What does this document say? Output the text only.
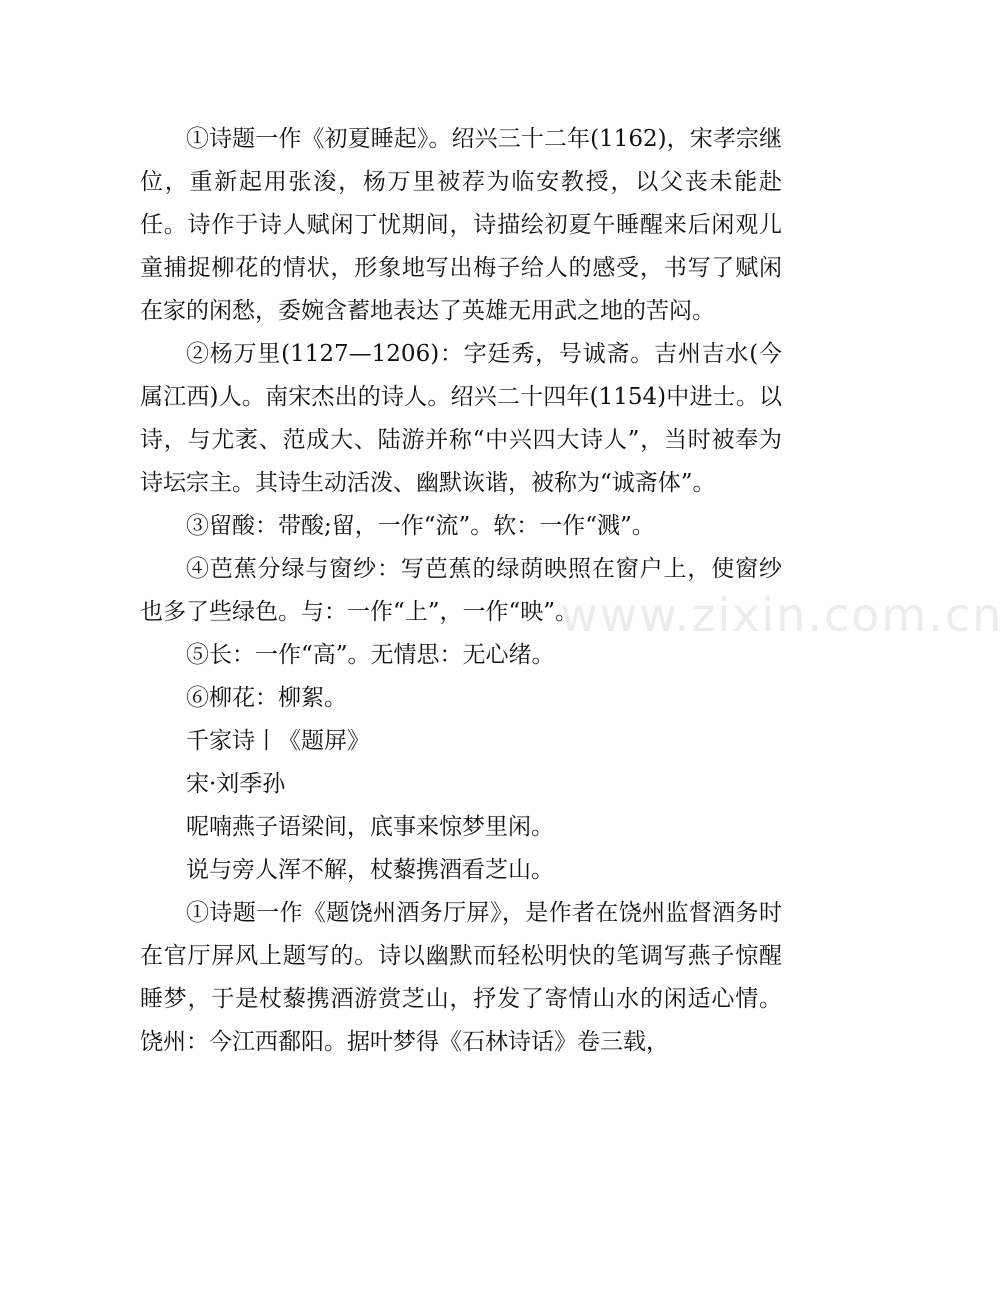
①诗题一作《初夏睡起》。绍兴三十二年(1162)，宋孝宗继位，重新起用张浚，杨万里被荐为临安教授，以父丧未能赴任。诗作于诗人赋闲丁忧期间，诗描绘初夏午睡醒来后闲观儿童捕捉柳花的情状，形象地写出梅子给人的感受，书写了赋闲在家的闲愁，委婉含蓄地表达了英雄无用武之地的苦闷。

②杨万里(1127—1206)：字廷秀，号诚斋。吉州吉水(今属江西)人。南宋杰出的诗人。绍兴二十四年(1154)中进士。以诗，与尤袤、范成大、陆游并称“中兴四大诗人”，当时被奉为诗坛宗主。其诗生动活泼、幽默诙谐，被称为“诚斋体”。

③留酸：带酸;留，一作“流”。软：一作“溅”。

④芭蕉分绿与窗纱：写芭蕉的绿荫映照在窗户上，使窗纱也多了些绿色。与：一作“上”，一作“映”。

⑤长：一作“高”。无情思：无心绪。

⑥柳花：柳絮。

千家诗丨《题屏》

宋·刘季孙

呢喃燕子语梁间，底事来惊梦里闲。

说与旁人浑不解，杖藜携酒看芝山。

①诗题一作《题饶州酒务厅屏》，是作者在饶州监督酒务时在官厅屏风上题写的。诗以幽默而轻松明快的笔调写燕子惊醒睡梦，于是杖藜携酒游赏芝山，抒发了寄情山水的闲适心情。饶州：今江西鄱阳。据叶梦得《石林诗话》卷三载，

www.zixin.com.cn
